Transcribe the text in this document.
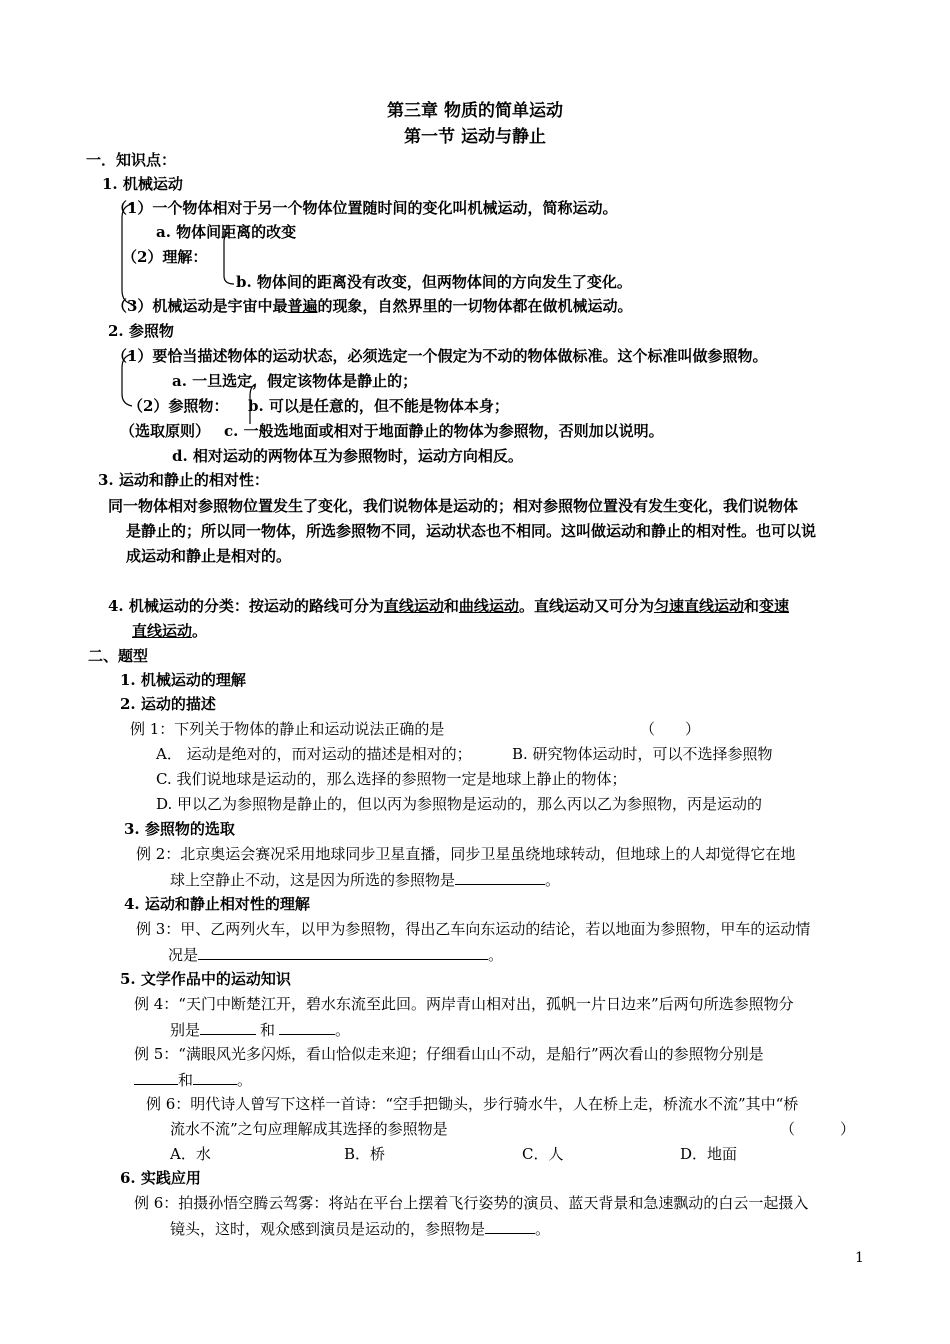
第三章 物质的简单运动
第一节 运动与静止
一．知识点：
1. 机械运动
（1）一个物体相对于另一个物体位置随时间的变化叫机械运动，简称运动。
a. 物体间距离的改变
（2）理解：
b. 物体间的距离没有改变，但两物体间的方向发生了变化。
（3）机械运动是宇宙中最普遍的现象，自然界里的一切物体都在做机械运动。
2. 参照物
（1）要恰当描述物体的运动状态，必须选定一个假定为不动的物体做标准。这个标准叫做参照物。
a. 一旦选定，假定该物体是静止的；
（2）参照物： b. 可以是任意的，但不能是物体本身；
（选取原则） c. 一般选地面或相对于地面静止的物体为参照物，否则加以说明。
d. 相对运动的两物体互为参照物时，运动方向相反。
3. 运动和静止的相对性：
同一物体相对参照物位置发生了变化，我们说物体是运动的；相对参照物位置没有发生变化，我们说物体
是静止的；所以同一物体，所选参照物不同，运动状态也不相同。这叫做运动和静止的相对性。也可以说
成运动和静止是相对的。
4. 机械运动的分类：按运动的路线可分为直线运动和曲线运动。直线运动又可分为匀速直线运动和变速
直线运动。
二、题型
1. 机械运动的理解
2. 运动的描述
例 1：下列关于物体的静止和运动说法正确的是	（　　）
A． 运动是绝对的，而对运动的描述是相对的；	B. 研究物体运动时，可以不选择参照物
C. 我们说地球是运动的，那么选择的参照物一定是地球上静止的物体；
D. 甲以乙为参照物是静止的，但以丙为参照物是运动的，那么丙以乙为参照物，丙是运动的
3. 参照物的选取
例 2：北京奥运会赛况采用地球同步卫星直播，同步卫星虽绕地球转动，但地球上的人却觉得它在地
球上空静止不动，这是因为所选的参照物是	。
4. 运动和静止相对性的理解
例 3：甲、乙两列火车，以甲为参照物，得出乙车向东运动的结论，若以地面为参照物，甲车的运动情
况是	。
5. 文学作品中的运动知识
例 4：“天门中断楚江开，碧水东流至此回。两岸青山相对出，孤帆一片日边来”后两句所选参照物分
别是	和	。
例 5：“满眼风光多闪烁，看山恰似走来迎；仔细看山山不动，是船行”两次看山的参照物分别是
和	。
例 6：明代诗人曾写下这样一首诗：“空手把锄头，步行骑水牛，人在桥上走，桥流水不流”其中“桥
流水不流”之句应理解成其选择的参照物是	（　　　）
A．水	B．桥	C．人	D．地面
6. 实践应用
例 6：拍摄孙悟空腾云驾雾：将站在平台上摆着飞行姿势的演员、蓝天背景和急速飘动的白云一起摄入
镜头，这时，观众感到演员是运动的，参照物是	。
1
